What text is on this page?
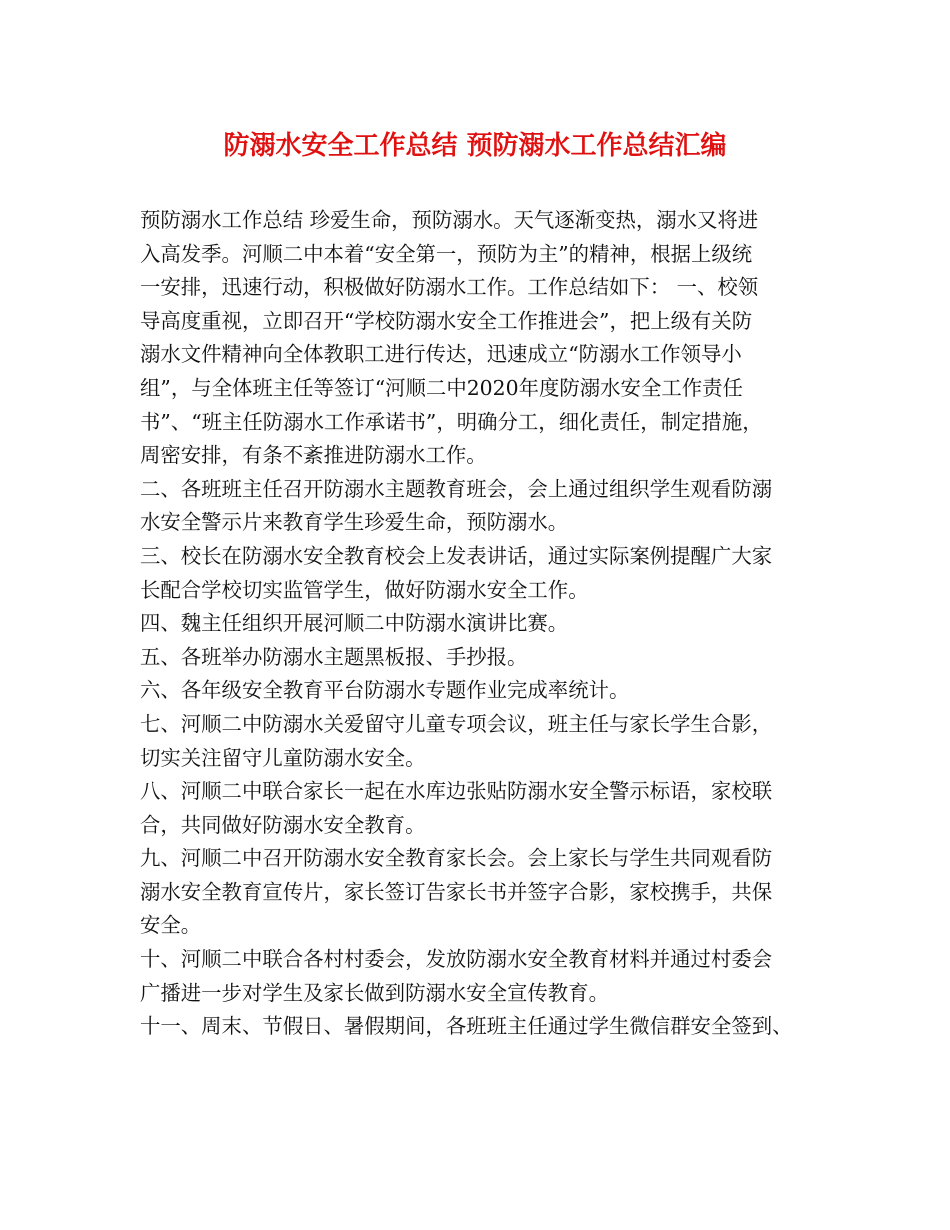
防溺水安全工作总结 预防溺水工作总结汇编
预防溺水工作总结 珍爱生命，预防溺水。天气逐渐变热，溺水又将进
入高发季。河顺二中本着“安全第一，预防为主”的精神，根据上级统
一安排，迅速行动，积极做好防溺水工作。工作总结如下： 一、校领
导高度重视，立即召开“学校防溺水安全工作推进会”，把上级有关防
溺水文件精神向全体教职工进行传达，迅速成立“防溺水工作领导小
组”，与全体班主任等签订“河顺二中2020年度防溺水安全工作责任
书”、“班主任防溺水工作承诺书”，明确分工，细化责任，制定措施，
周密安排，有条不紊推进防溺水工作。
二、各班班主任召开防溺水主题教育班会，会上通过组织学生观看防溺
水安全警示片来教育学生珍爱生命，预防溺水。
三、校长在防溺水安全教育校会上发表讲话，通过实际案例提醒广大家
长配合学校切实监管学生，做好防溺水安全工作。
四、魏主任组织开展河顺二中防溺水演讲比赛。
五、各班举办防溺水主题黑板报、手抄报。
六、各年级安全教育平台防溺水专题作业完成率统计。
七、河顺二中防溺水关爱留守儿童专项会议，班主任与家长学生合影，
切实关注留守儿童防溺水安全。
八、河顺二中联合家长一起在水库边张贴防溺水安全警示标语，家校联
合，共同做好防溺水安全教育。
九、河顺二中召开防溺水安全教育家长会。会上家长与学生共同观看防
溺水安全教育宣传片，家长签订告家长书并签字合影，家校携手，共保
安全。
十、河顺二中联合各村村委会，发放防溺水安全教育材料并通过村委会
广播进一步对学生及家长做到防溺水安全宣传教育。
十一、周末、节假日、暑假期间，各班班主任通过学生微信群安全签到、
